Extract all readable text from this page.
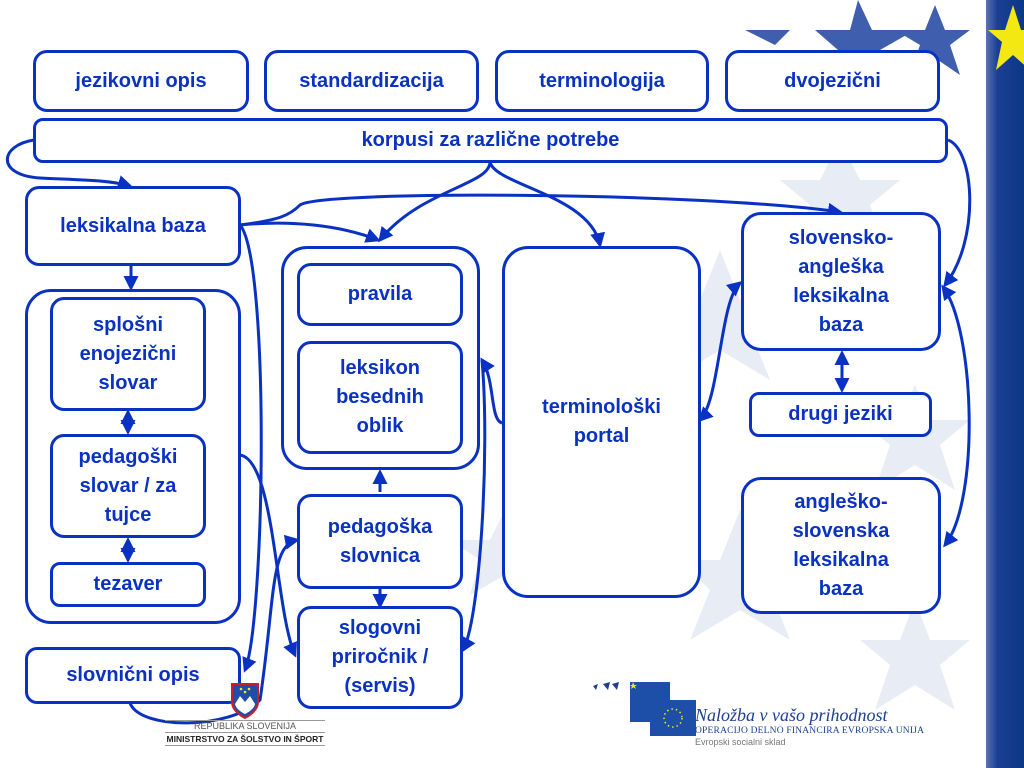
jezikovni opis	standardizacija	terminologija	dvojezični
korpusi za različne potrebe
leksikalna baza
splošni
enojezični
slovar
pedagoški
slovar / za
tujce
tezaver
slovnični opis
pravila
leksikon
besednih
oblik
pedagoška
slovnica
slogovni
priročnik /
(servis)
terminološki
portal
slovensko-
angleška
leksikalna
baza
drugi jeziki
angleško-
slovenska
leksikalna
baza
REPUBLIKA SLOVENIJA
MINISTRSTVO ZA ŠOLSTVO IN ŠPORT
Naložba v vašo prihodnost
OPERACIJO DELNO FINANCIRA EVROPSKA UNIJA
Evropski socialni sklad
